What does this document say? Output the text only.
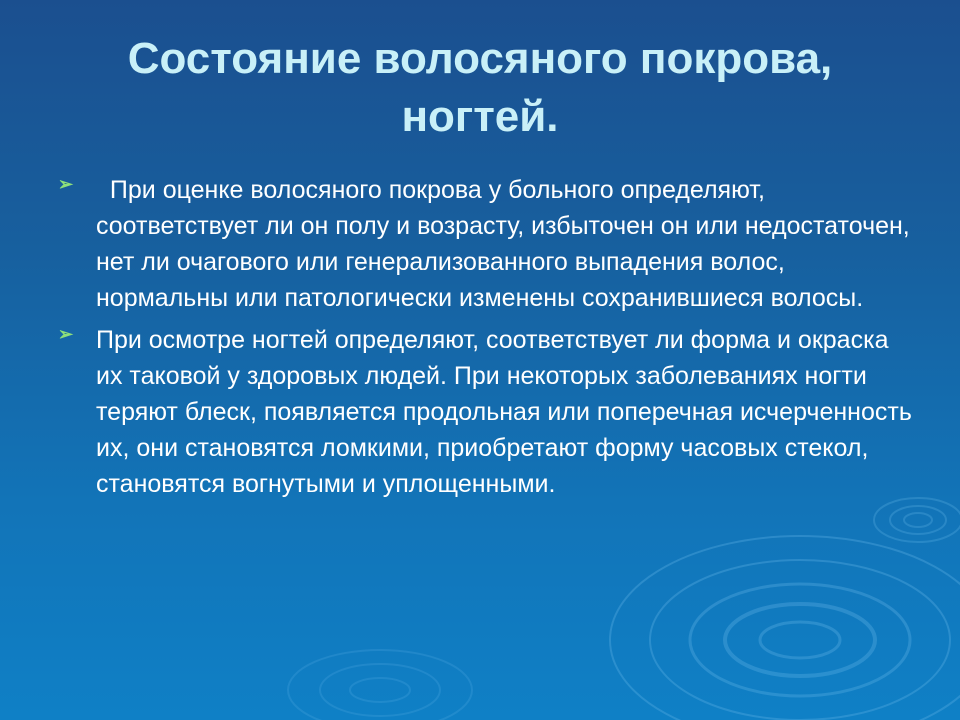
Состояние волосяного покрова, ногтей.
➢ При оценке волосяного покрова у больного определяют, соответствует ли он полу и возрасту, избыточен он или недостаточен, нет ли очагового или генерализованного выпадения волос, нормальны или патологически изменены сохранившиеся волосы.
➢ При осмотре ногтей определяют, соответствует ли форма и окраска их таковой у здоровых людей. При некоторых заболеваниях ногти теряют блеск, появляется продольная или поперечная исчерченность их, они становятся ломкими, приобретают форму часовых стекол, становятся вогнутыми и уплощенными.
